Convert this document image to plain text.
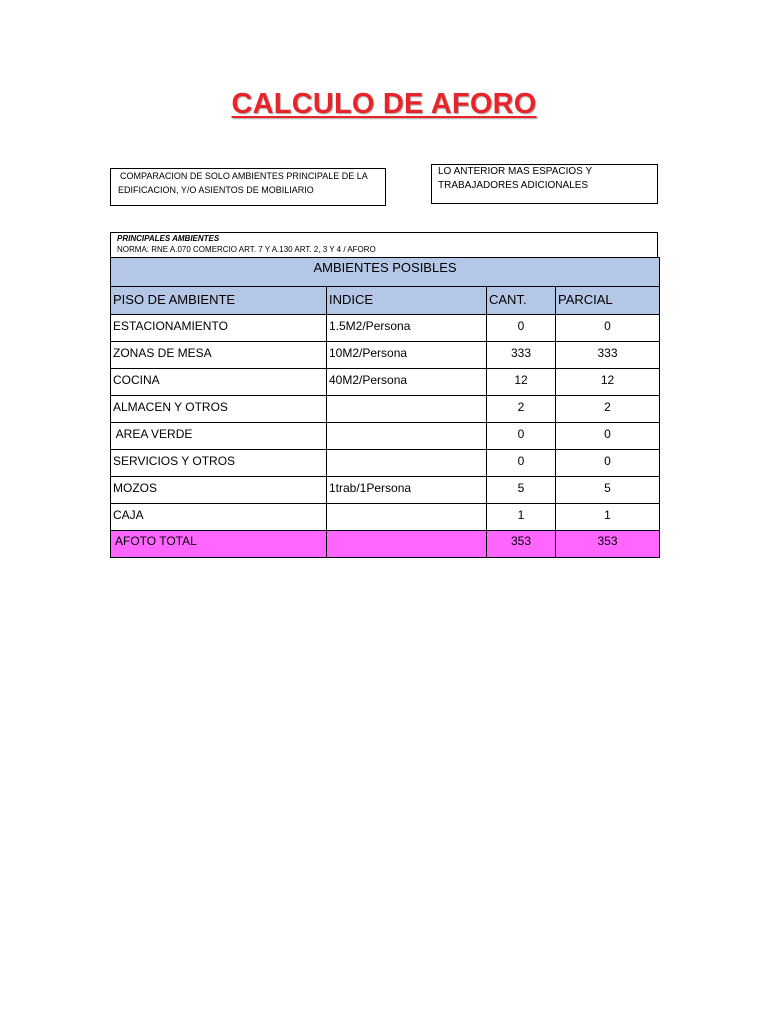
CALCULO DE AFORO
COMPARACION DE SOLO AMBIENTES PRINCIPALE DE LA
EDIFICACION, Y/O ASIENTOS DE MOBILIARIO
LO ANTERIOR MAS ESPACIOS Y
TRABAJADORES ADICIONALES
PRINCIPALES AMBIENTES
NORMA: RNE A.070 COMERCIO ART. 7 Y A.130 ART. 2, 3 Y 4 / AFORO
AMBIENTES POSIBLES			
PISO DE AMBIENTE	INDICE	CANT.	PARCIAL
ESTACIONAMIENTO	1.5M2/Persona	0	0
ZONAS DE MESA	10M2/Persona	333	333
COCINA	40M2/Persona	12	12
ALMACEN Y OTROS		2	2
AREA VERDE		0	0
SERVICIOS Y OTROS		0	0
MOZOS	1trab/1Persona	5	5
CAJA		1	1
AFOTO TOTAL		353	353
